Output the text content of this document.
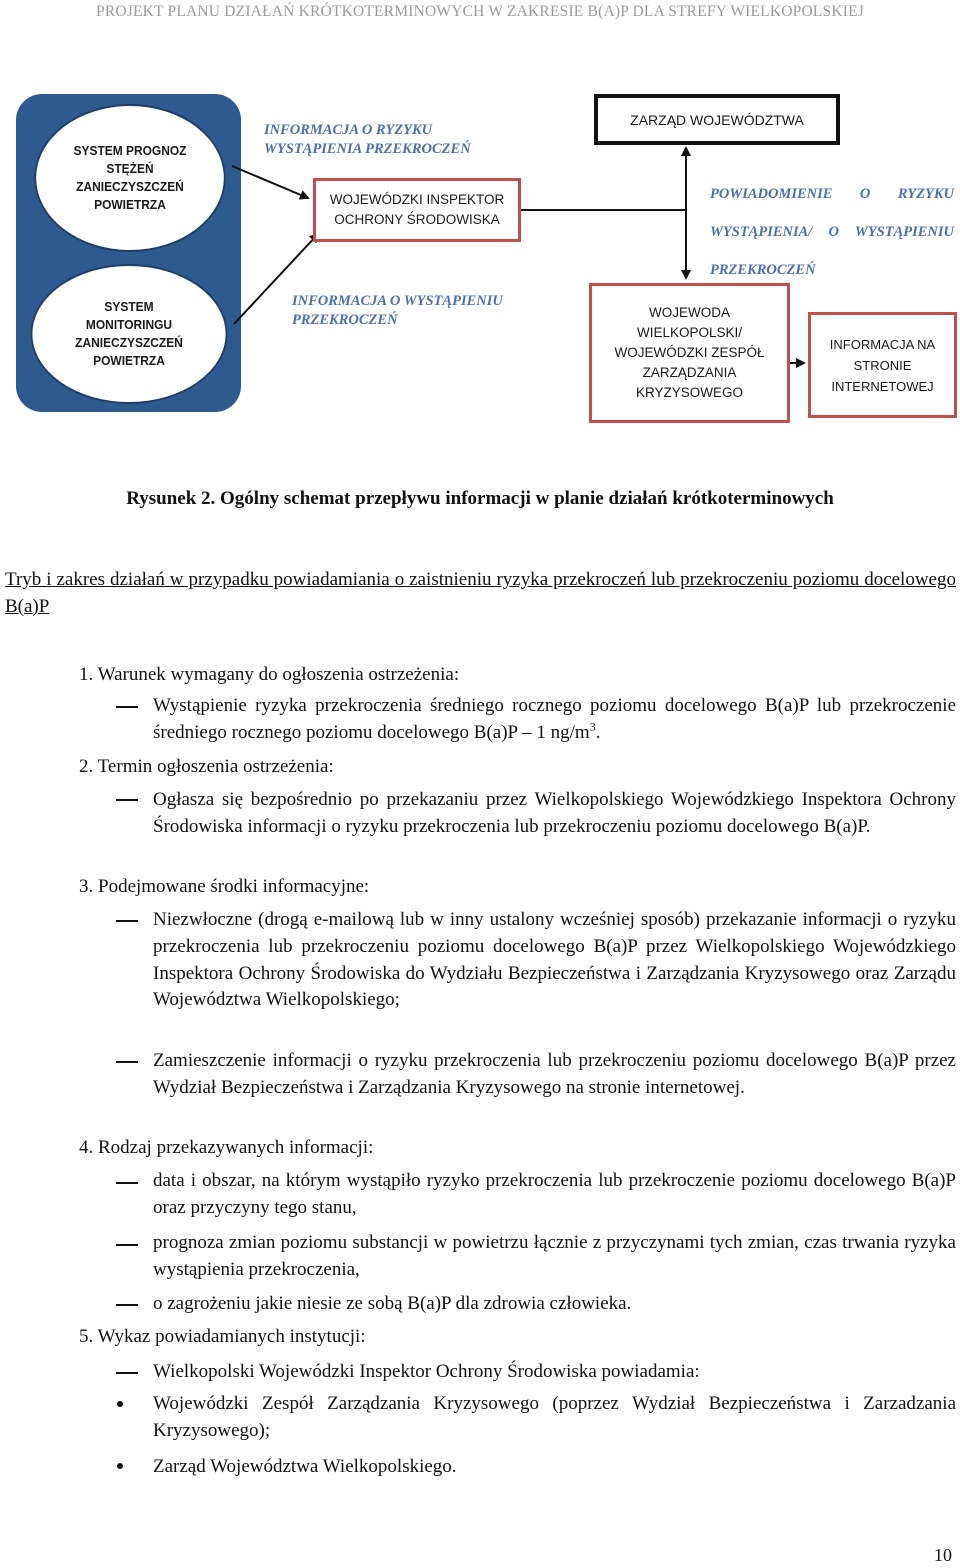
PROJEKT PLANU DZIAŁAŃ KRÓTKOTERMINOWYCH W ZAKRESIE B(A)P DLA STREFY WIELKOPOLSKIEJ
SYSTEM PROGNOZ
STĘŻEŃ
ZANIECZYSZCZEŃ
POWIETRZA
SYSTEM
MONITORINGU
ZANIECZYSZCZEŃ
POWIETRZA
INFORMACJA O RYZYKU
WYSTĄPIENIA PRZEKROCZEŃ
INFORMACJA O WYSTĄPIENIU
PRZEKROCZEŃ

POWIADOMIENIE O RYZYKU

WYSTĄPIENIA/ O WYSTĄPIENIU

PRZEKROCZEŃ

WOJEWÓDZKI INSPEKTOR
OCHRONY ŚRODOWISKA
ZARZĄD WOJEWÓDZTWA
WOJEWODA
WIELKOPOLSKI/
WOJEWÓDZKI ZESPÓŁ
ZARZĄDZANIA
KRYZYSOWEGO
INFORMACJA NA
STRONIE
INTERNETOWEJ
Rysunek 2. Ogólny schemat przepływu informacji w planie działań krótkoterminowych
Tryb i zakres działań w przypadku powiadamiania o zaistnieniu ryzyka przekroczeń lub przekroczeniu poziomu docelowego B(a)P
1. Warunek wymagany do ogłoszenia ostrzeżenia:
Wystąpienie ryzyka przekroczenia średniego rocznego poziomu docelowego B(a)P lub przekroczenie średniego rocznego poziomu docelowego B(a)P – 1 $ng/m^3$.
2. Termin ogłoszenia ostrzeżenia:
Ogłasza się bezpośrednio po przekazaniu przez Wielkopolskiego Wojewódzkiego Inspektora Ochrony Środowiska informacji o ryzyku przekroczenia lub przekroczeniu poziomu docelowego B(a)P.
3. Podejmowane środki informacyjne:
Niezwłoczne (drogą e-mailową lub w inny ustalony wcześniej sposób) przekazanie informacji o ryzyku przekroczenia lub przekroczeniu poziomu docelowego B(a)P przez Wielkopolskiego Wojewódzkiego Inspektora Ochrony Środowiska do Wydziału Bezpieczeństwa i Zarządzania Kryzysowego oraz Zarządu Województwa Wielkopolskiego;
Zamieszczenie informacji o ryzyku przekroczenia lub przekroczeniu poziomu docelowego B(a)P przez Wydział Bezpieczeństwa i Zarządzania Kryzysowego na stronie internetowej.
4. Rodzaj przekazywanych informacji:
data i obszar, na którym wystąpiło ryzyko przekroczenia lub przekroczenie poziomu docelowego B(a)P oraz przyczyny tego stanu,
prognoza zmian poziomu substancji w powietrzu łącznie z przyczynami tych zmian, czas trwania ryzyka wystąpienia przekroczenia,
o zagrożeniu jakie niesie ze sobą B(a)P dla zdrowia człowieka.
5. Wykaz powiadamianych instytucji:
Wielkopolski Wojewódzki Inspektor Ochrony Środowiska powiadamia:
Wojewódzki Zespół Zarządzania Kryzysowego (poprzez Wydział Bezpieczeństwa i Zarzadzania Kryzysowego);
Zarząd Województwa Wielkopolskiego.
10
